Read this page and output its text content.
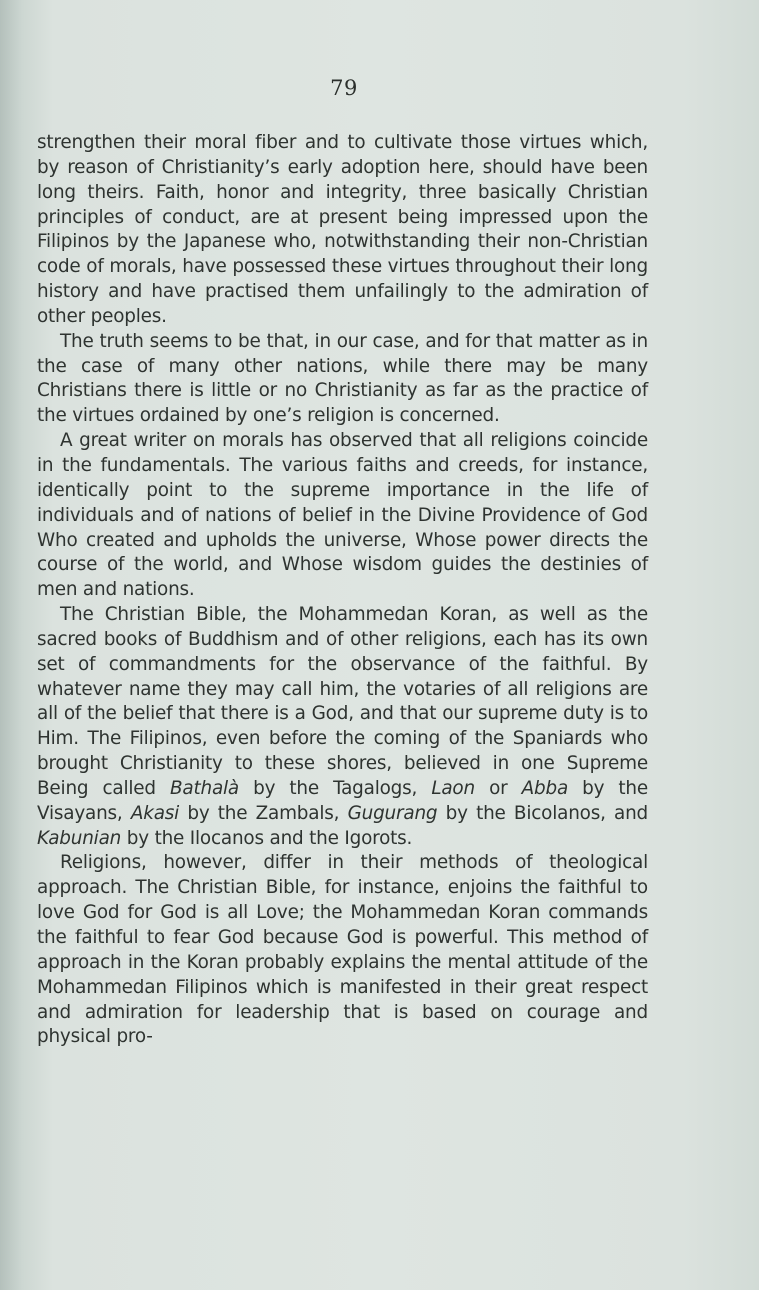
79

strengthen their moral fiber and to cultivate those virtues which, by reason of Christianity’s early adoption here, should have been long theirs. Faith, honor and integrity, three basically Christian principles of conduct, are at present being impressed upon the Filipinos by the Japanese who, notwithstanding their non-Christian code of morals, have possessed these virtues throughout their long history and have practised them unfailingly to the admiration of other peoples.

The truth seems to be that, in our case, and for that matter as in the case of many other nations, while there may be many Christians there is little or no Christianity as far as the practice of the virtues ordained by one’s religion is concerned.

A great writer on morals has observed that all religions coincide in the fundamentals. The various faiths and creeds, for instance, identically point to the supreme importance in the life of individuals and of nations of belief in the Divine Providence of God Who created and upholds the universe, Whose power directs the course of the world, and Whose wisdom guides the destinies of men and nations.

The Christian Bible, the Mohammedan Koran, as well as the sacred books of Buddhism and of other religions, each has its own set of commandments for the observance of the faithful. By whatever name they may call him, the votaries of all religions are all of the belief that there is a God, and that our supreme duty is to Him. The Filipinos, even before the coming of the Spaniards who brought Christianity to these shores, believed in one Supreme Being called Bathalà by the Tagalogs, Laon or Abba by the Visayans, Akasi by the Zambals, Gugurang by the Bicolanos, and Kabunian by the Ilocanos and the Igorots.

Religions, however, differ in their methods of theological approach. The Christian Bible, for instance, enjoins the faithful to love God for God is all Love; the Mohammedan Koran commands the faithful to fear God because God is powerful. This method of approach in the Koran probably explains the mental attitude of the Mohammedan Filipinos which is manifested in their great respect and admiration for leadership that is based on courage and physical pro-
